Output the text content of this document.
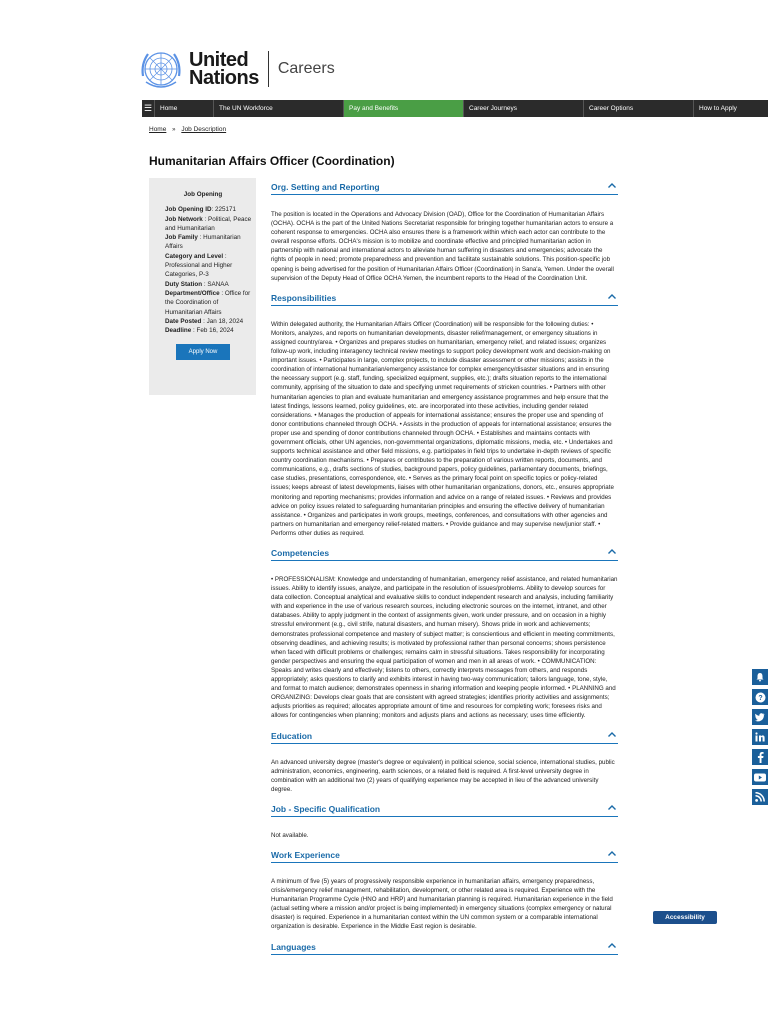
United
Nations Careers
☰	Home	The UN Workforce	Pay and Benefits	Career Journeys	Career Options	How to Apply
Home » Job Description
Humanitarian Affairs Officer (Coordination)
Job Opening
Job Opening ID: 225171
Job Network : Political, Peace and Humanitarian
Job Family : Humanitarian Affairs
Category and Level : Professional and Higher Categories, P-3
Duty Station : SANAA
Department/Office : Office for the Coordination of Humanitarian Affairs
Date Posted : Jan 18, 2024
Deadline : Feb 16, 2024
Apply Now
Org. Setting and Reporting
The position is located in the Operations and Advocacy Division (OAD), Office for the Coordination of Humanitarian Affairs (OCHA). OCHA is the part of the United Nations Secretariat responsible for bringing together humanitarian actors to ensure a coherent response to emergencies. OCHA also ensures there is a framework within which each actor can contribute to the overall response efforts. OCHA's mission is to mobilize and coordinate effective and principled humanitarian action in partnership with national and international actors to alleviate human suffering in disasters and emergencies; advocate the rights of people in need; promote preparedness and prevention and facilitate sustainable solutions. This position-specific job opening is being advertised for the position of Humanitarian Affairs Officer (Coordination) in Sana'a, Yemen. Under the overall supervision of the Deputy Head of Office OCHA Yemen, the incumbent reports to the Head of the Coordination Unit.
Responsibilities
Within delegated authority, the Humanitarian Affairs Officer (Coordination) will be responsible for the following duties: • Monitors, analyzes, and reports on humanitarian developments, disaster relief/management, or emergency situations in assigned country/area. • Organizes and prepares studies on humanitarian, emergency relief, and related issues; organizes follow-up work, including interagency technical review meetings to support policy development work and decision-making on important issues. • Participates in large, complex projects, to include disaster assessment or other missions; assists in the coordination of international humanitarian/emergency assistance for complex emergency/disaster situations and in ensuring the necessary support (e.g. staff, funding, specialized equipment, supplies, etc.); drafts situation reports to the international community, apprising of the situation to date and specifying unmet requirements of stricken countries. • Partners with other humanitarian agencies to plan and evaluate humanitarian and emergency assistance programmes and help ensure that the latest findings, lessons learned, policy guidelines, etc. are incorporated into these activities, including gender related considerations. • Manages the production of appeals for international assistance; ensures the proper use and spending of donor contributions channeled through OCHA. • Assists in the production of appeals for international assistance; ensures the proper use and spending of donor contributions channeled through OCHA. • Establishes and maintains contacts with government officials, other UN agencies, non-governmental organizations, diplomatic missions, media, etc. • Undertakes and supports technical assistance and other field missions, e.g. participates in field trips to undertake in-depth reviews of specific country coordination mechanisms. • Prepares or contributes to the preparation of various written reports, documents, and communications, e.g., drafts sections of studies, background papers, policy guidelines, parliamentary documents, briefings, case studies, presentations, correspondence, etc. • Serves as the primary focal point on specific topics or policy-related issues; keeps abreast of latest developments, liaises with other humanitarian organizations, donors, etc., ensures appropriate monitoring and reporting mechanisms; provides information and advice on a range of related issues. • Reviews and provides advice on policy issues related to safeguarding humanitarian principles and ensuring the effective delivery of humanitarian assistance. • Organizes and participates in work groups, meetings, conferences, and consultations with other agencies and partners on humanitarian and emergency relief-related matters. • Provide guidance and may supervise new/junior staff. • Performs other duties as required.
Competencies
• PROFESSIONALISM: Knowledge and understanding of humanitarian, emergency relief assistance, and related humanitarian issues. Ability to identify issues, analyze, and participate in the resolution of issues/problems. Ability to develop sources for data collection. Conceptual analytical and evaluative skills to conduct independent research and analysis, including familiarity with and experience in the use of various research sources, including electronic sources on the internet, intranet, and other databases. Ability to apply judgment in the context of assignments given, work under pressure, and on occasion in a highly stressful environment (e.g., civil strife, natural disasters, and human misery). Shows pride in work and achievements; demonstrates professional competence and mastery of subject matter; is conscientious and efficient in meeting commitments, observing deadlines, and achieving results; is motivated by professional rather than personal concerns; shows persistence when faced with difficult problems or challenges; remains calm in stressful situations. Takes responsibility for incorporating gender perspectives and ensuring the equal participation of women and men in all areas of work. • COMMUNICATION: Speaks and writes clearly and effectively; listens to others, correctly interprets messages from others, and responds appropriately; asks questions to clarify and exhibits interest in having two-way communication; tailors language, tone, style, and format to match audience; demonstrates openness in sharing information and keeping people informed. • PLANNING and ORGANIZING: Develops clear goals that are consistent with agreed strategies; identifies priority activities and assignments; adjusts priorities as required; allocates appropriate amount of time and resources for completing work; foresees risks and allows for contingencies when planning; monitors and adjusts plans and actions as necessary; uses time efficiently.
Education
An advanced university degree (master's degree or equivalent) in political science, social science, international studies, public administration, economics, engineering, earth sciences, or a related field is required. A first-level university degree in combination with an additional two (2) years of qualifying experience may be accepted in lieu of the advanced university degree.
Job - Specific Qualification
Not available.
Work Experience
A minimum of five (5) years of progressively responsible experience in humanitarian affairs, emergency preparedness, crisis/emergency relief management, rehabilitation, development, or other related area is required. Experience with the Humanitarian Programme Cycle (HNO and HRP) and humanitarian planning is required. Humanitarian experience in the field (actual setting where a mission and/or project is being implemented) in emergency situations (complex emergency or natural disaster) is required. Experience in a humanitarian context within the UN common system or a comparable international organization is desirable. Experience in the Middle East region is desirable.
Languages
?
Accessibility
